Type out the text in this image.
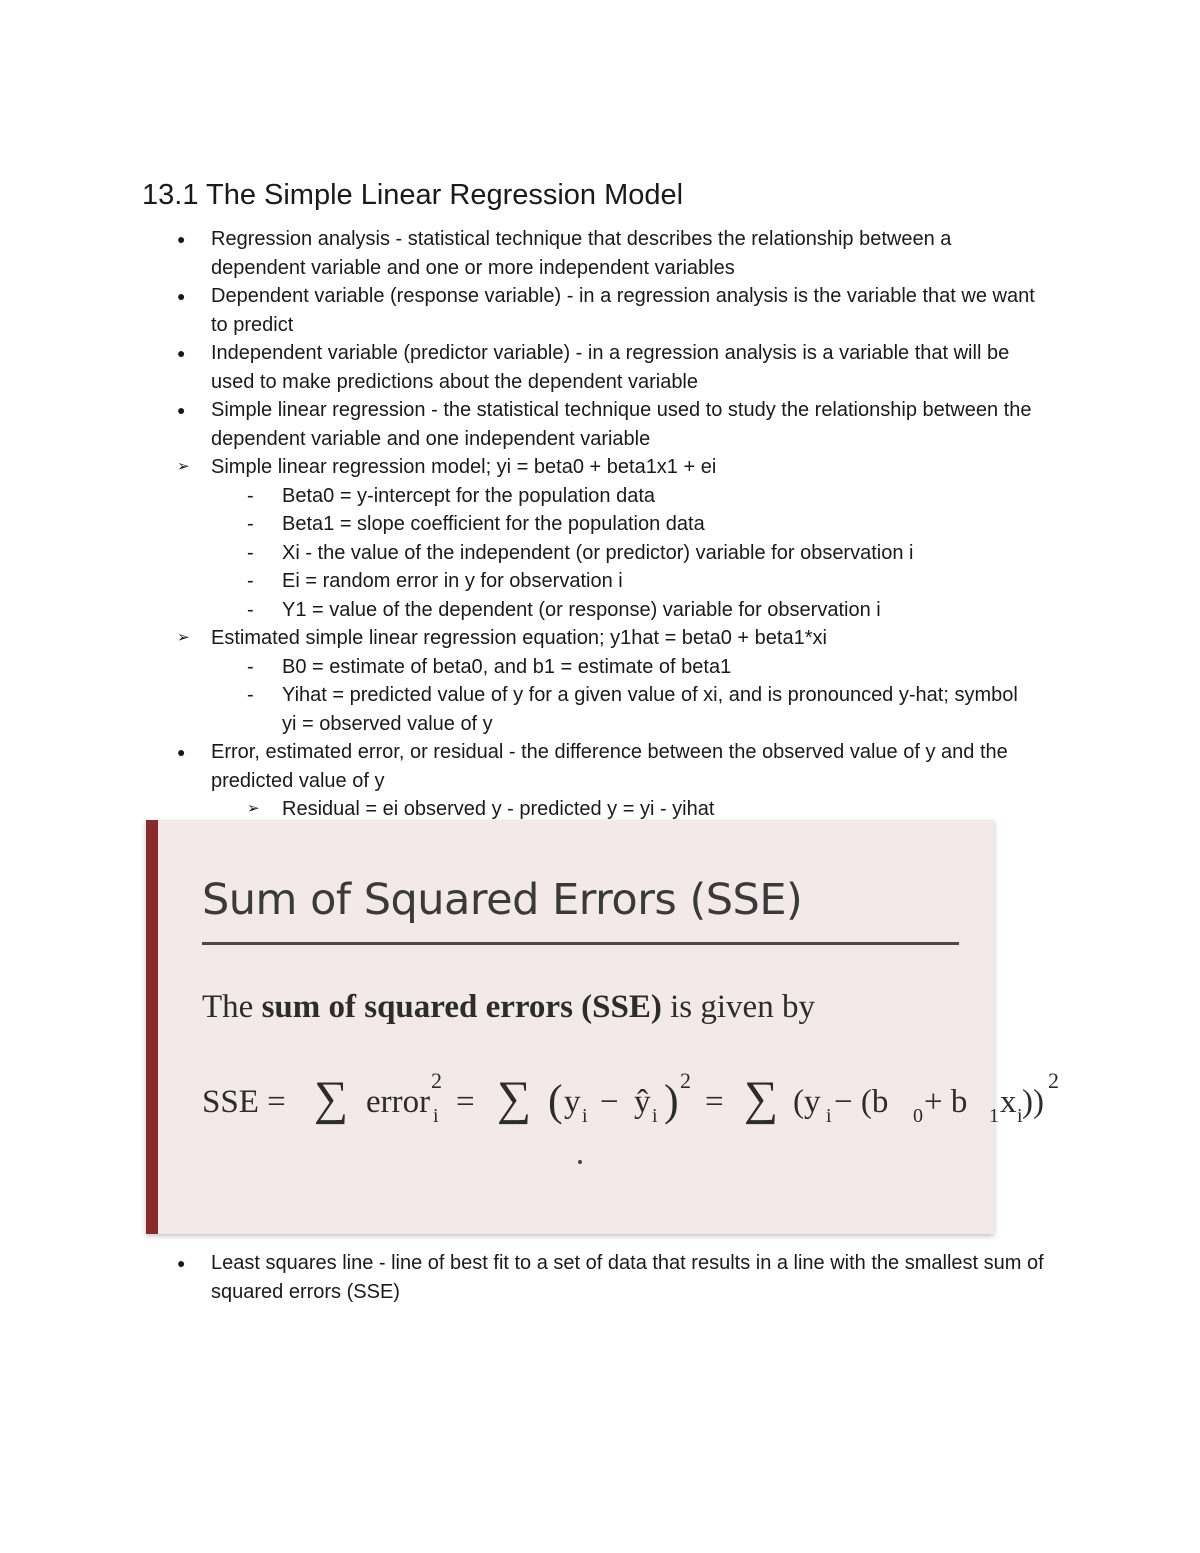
13.1 The Simple Linear Regression Model
● Regression analysis - statistical technique that describes the relationship between a dependent variable and one or more independent variables
● Dependent variable (response variable) - in a regression analysis is the variable that we want to predict
● Independent variable (predictor variable) - in a regression analysis is a variable that will be used to make predictions about the dependent variable
● Simple linear regression - the statistical technique used to study the relationship between the dependent variable and one independent variable
➢ Simple linear regression model; yi = beta0 + beta1x1 + ei
- Beta0 = y-intercept for the population data
- Beta1 = slope coefficient for the population data
- Xi - the value of the independent (or predictor) variable for observation i
- Ei = random error in y for observation i
- Y1 = value of the dependent (or response) variable for observation i
➢ Estimated simple linear regression equation; y1hat = beta0 + beta1*xi
- B0 = estimate of beta0, and b1 = estimate of beta1
- Yihat = predicted value of y for a given value of xi, and is pronounced y-hat; symbol yi = observed value of y
● Error, estimated error, or residual - the difference between the observed value of y and the predicted value of y
➢ Residual = ei observed y - predicted y = yi - yihat
Sum of Squared Errors (SSE)
The sum of squared errors (SSE) is given by
SSE = ∑ error
2
i = ∑ ( y i − ŷ i ) 2
= ∑ (y i − (b 0 + b 1 x i ))
2
● Least squares line - line of best fit to a set of data that results in a line with the smallest sum of squared errors (SSE)
